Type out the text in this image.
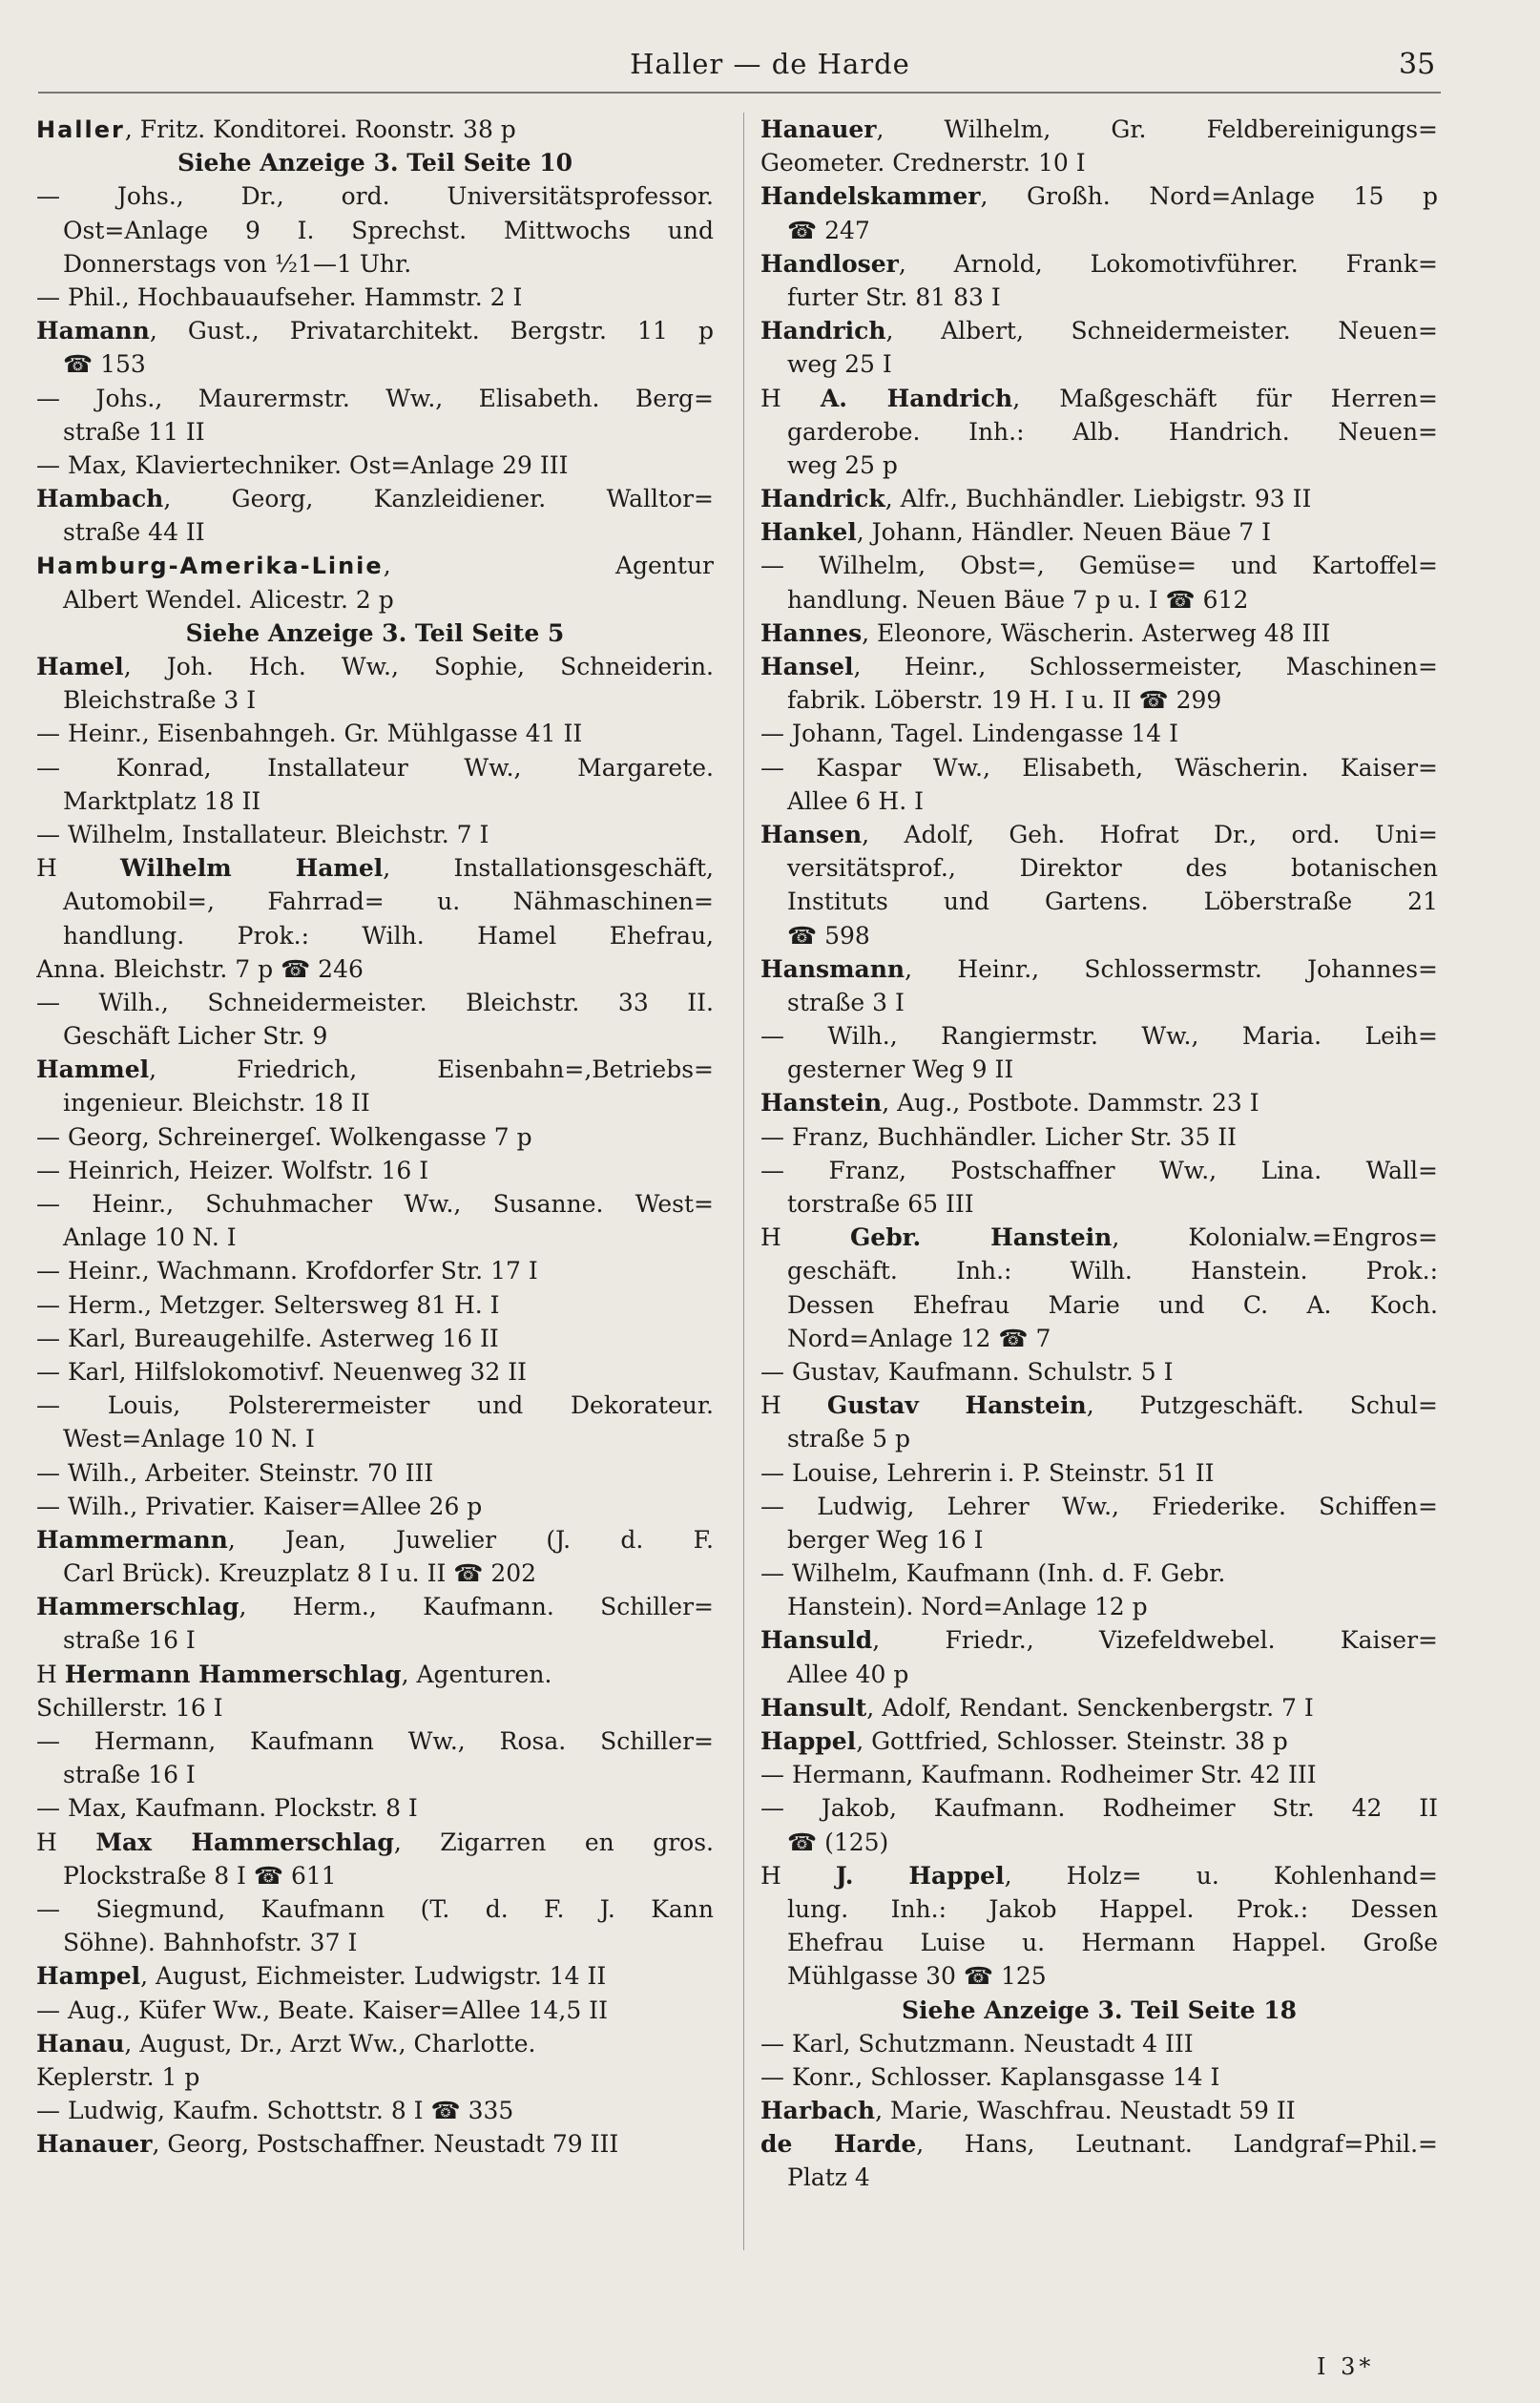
Haller — de Harde	35
Haller, Fritz. Konditorei. Roonstr. 38 p
Siehe Anzeige 3. Teil Seite 10
— Johs., Dr., ord. Universitätsprofessor.
Ost=Anlage 9 I. Sprechst. Mittwochs und
Donnerstags von ½1—1 Uhr.
— Phil., Hochbauaufseher. Hammstr. 2 I
Hamann, Gust., Privatarchitekt. Bergstr. 11 p
☎ 153
— Johs., Maurermstr. Ww., Elisabeth. Berg=
straße 11 II
— Max, Klaviertechniker. Ost=Anlage 29 III
Hambach, Georg, Kanzleidiener. Walltor=
straße 44 II
Hamburg-Amerika-Linie, Agentur
Albert Wendel. Alicestr. 2 p
Siehe Anzeige 3. Teil Seite 5
Hamel, Joh. Hch. Ww., Sophie, Schneiderin.
Bleichstraße 3 I
— Heinr., Eisenbahngeh. Gr. Mühlgasse 41 II
— Konrad, Installateur Ww., Margarete.
Marktplatz 18 II
— Wilhelm, Installateur. Bleichstr. 7 I
H Wilhelm Hamel, Installationsgeschäft,
Automobil=, Fahrrad= u. Nähmaschinen=
handlung. Prok.: Wilh. Hamel Ehefrau,
Anna. Bleichstr. 7 p ☎ 246
— Wilh., Schneidermeister. Bleichstr. 33 II.
Geschäft Licher Str. 9
Hammel, Friedrich, Eisenbahn=,Betriebs=
ingenieur. Bleichstr. 18 II
— Georg, Schreinergeſ. Wolkengasse 7 p
— Heinrich, Heizer. Wolfstr. 16 I
— Heinr., Schuhmacher Ww., Susanne. West=
Anlage 10 N. I
— Heinr., Wachmann. Krofdorfer Str. 17 I
— Herm., Metzger. Seltersweg 81 H. I
— Karl, Bureaugehilfe. Asterweg 16 II
— Karl, Hilfslokomotivf. Neuenweg 32 II
— Louis, Polsterermeister und Dekorateur.
West=Anlage 10 N. I
— Wilh., Arbeiter. Steinstr. 70 III
— Wilh., Privatier. Kaiser=Allee 26 p
Hammermann, Jean, Juwelier (J. d. F.
Carl Brück). Kreuzplatz 8 I u. II ☎ 202
Hammerschlag, Herm., Kaufmann. Schiller=
straße 16 I
H Hermann Hammerschlag, Agenturen.
Schillerstr. 16 I
— Hermann, Kaufmann Ww., Rosa. Schiller=
straße 16 I
— Max, Kaufmann. Plockstr. 8 I
H Max Hammerschlag, Zigarren en gros.
Plockstraße 8 I ☎ 611
— Siegmund, Kaufmann (T. d. F. J. Kann
Söhne). Bahnhofstr. 37 I
Hampel, August, Eichmeister. Ludwigstr. 14 II
— Aug., Küfer Ww., Beate. Kaiser=Allee 14,5 II
Hanau, August, Dr., Arzt Ww., Charlotte.
Keplerstr. 1 p
— Ludwig, Kaufm. Schottstr. 8 I ☎ 335
Hanauer, Georg, Postschaffner. Neustadt 79 III
Hanauer, Wilhelm, Gr. Feldbereinigungs=
Geometer. Crednerstr. 10 I
Handelskammer, Großh. Nord=Anlage 15 p
☎ 247
Handloser, Arnold, Lokomotivführer. Frank=
furter Str. 81 83 I
Handrich, Albert, Schneidermeister. Neuen=
weg 25 I
H A. Handrich, Maßgeschäft für Herren=
garderobe. Inh.: Alb. Handrich. Neuen=
weg 25 p
Handrick, Alfr., Buchhändler. Liebigstr. 93 II
Hankel, Johann, Händler. Neuen Bäue 7 I
— Wilhelm, Obst=, Gemüse= und Kartoffel=
handlung. Neuen Bäue 7 p u. I ☎ 612
Hannes, Eleonore, Wäscherin. Asterweg 48 III
Hansel, Heinr., Schlossermeister, Maschinen=
fabrik. Löberstr. 19 H. I u. II ☎ 299
— Johann, Tagel. Lindengasse 14 I
— Kaspar Ww., Elisabeth, Wäscherin. Kaiser=
Allee 6 H. I
Hansen, Adolf, Geh. Hofrat Dr., ord. Uni=
versitätsprof., Direktor des botanischen
Instituts und Gartens. Löberstraße 21
☎ 598
Hansmann, Heinr., Schlossermstr. Johannes=
straße 3 I
— Wilh., Rangiermstr. Ww., Maria. Leih=
gesterner Weg 9 II
Hanstein, Aug., Postbote. Dammstr. 23 I
— Franz, Buchhändler. Licher Str. 35 II
— Franz, Postschaffner Ww., Lina. Wall=
torstraße 65 III
H Gebr. Hanstein, Kolonialw.=Engros=
geschäft. Inh.: Wilh. Hanstein. Prok.:
Dessen Ehefrau Marie und C. A. Koch.
Nord=Anlage 12 ☎ 7
— Gustav, Kaufmann. Schulstr. 5 I
H Gustav Hanstein, Putzgeschäft. Schul=
straße 5 p
— Louise, Lehrerin i. P. Steinstr. 51 II
— Ludwig, Lehrer Ww., Friederike. Schiffen=
berger Weg 16 I
— Wilhelm, Kaufmann (Inh. d. F. Gebr.
Hanstein). Nord=Anlage 12 p
Hansuld, Friedr., Vizefeldwebel. Kaiser=
Allee 40 p
Hansult, Adolf, Rendant. Senckenbergstr. 7 I
Happel, Gottfried, Schlosser. Steinstr. 38 p
— Hermann, Kaufmann. Rodheimer Str. 42 III
— Jakob, Kaufmann. Rodheimer Str. 42 II
☎ (125)
H J. Happel, Holz= u. Kohlenhand=
lung. Inh.: Jakob Happel. Prok.: Dessen
Ehefrau Luise u. Hermann Happel. Große
Mühlgasse 30 ☎ 125
Siehe Anzeige 3. Teil Seite 18
— Karl, Schutzmann. Neustadt 4 III
— Konr., Schlosser. Kaplansgasse 14 I
Harbach, Marie, Waschfrau. Neustadt 59 II
de Harde, Hans, Leutnant. Landgraf=Phil.=
Platz 4
I 3*
